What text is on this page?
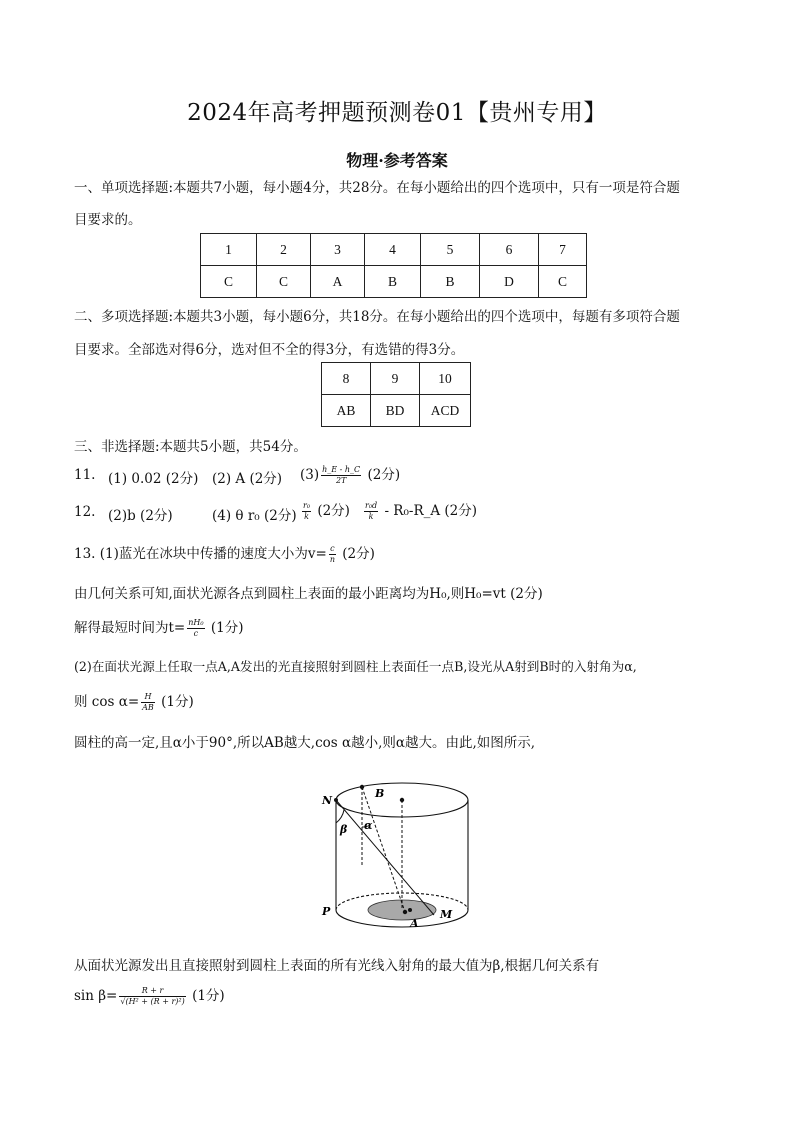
2024年高考押题预测卷01【贵州专用】
物理·参考答案
一、单项选择题:本题共7小题，每小题4分，共28分。在每小题给出的四个选项中，只有一项是符合题
目要求的。
1	2	3	4	5	6	7
C	C	A	B	B	D	C
二、多项选择题:本题共3小题，每小题6分，共18分。在每小题给出的四个选项中，每题有多项符合题
目要求。全部选对得6分，选对但不全的得3分，有选错的得3分。
8	9	10
AB	BD	ACD
三、非选择题:本题共5小题，共54分。
11. (1) 0.02 (2分) (2) A (2分) $(3) \frac{h\_E - h\_C}{2T} (2$分)
12. (2)b (2分)	(4) θ r₀ (2分) $\frac{\text{r₀}}{k} (2$分) $\frac{\text{r₀d}}{k}$ - R₀-R_A (2分)
13. (1)蓝光在冰块中传播的速度大小为$v= \frac{c}{n} (2$分)
由几何关系可知,面状光源各点到圆柱上表面的最小距离均为H₀,则H₀=vt (2分)
解得最短时间为$t= \frac{\text{nH₀}}{c} (1$分)
(2)在面状光源上任取一点A,A发出的光直接照射到圆柱上表面任一点B,设光从A射到B时的入射角为α,
则 $\cos \alpha= \frac{H}{AB} (1$分)
圆柱的高一定,且α小于90°,所以AB越大,cos α越小,则α越大。由此,如图所示,
N
B
α
β
P
A
M
从面状光源发出且直接照射到圆柱上表面的所有光线入射角的最大值为β,根据几何关系有
$\sin \beta= \frac{R + r}{\text{√(H² + (R + r)²)}} (1$分)
